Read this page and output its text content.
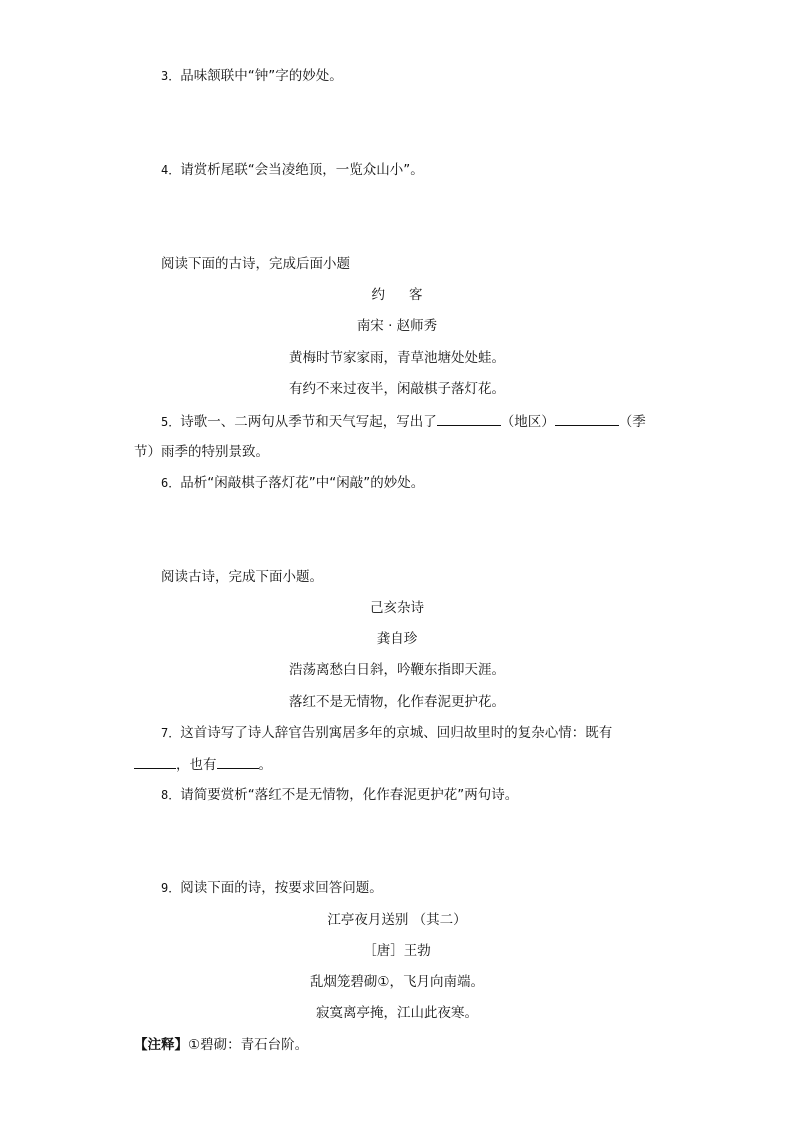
3．品味颔联中“钟”字的妙处。
4．请赏析尾联“会当凌绝顶，一览众山小”。
阅读下面的古诗，完成后面小题
约 客
南宋 · 赵师秀
黄梅时节家家雨，青草池塘处处蛙。
有约不来过夜半，闲敲棋子落灯花。
5．诗歌一、二两句从季节和天气写起，写出了	（地区）	（季
节）雨季的特别景致。
6．品析“闲敲棋子落灯花”中“闲敲”的妙处。
阅读古诗，完成下面小题。
己亥杂诗
龚自珍
浩荡离愁白日斜，吟鞭东指即天涯。
落红不是无情物，化作春泥更护花。
7．这首诗写了诗人辞官告别寓居多年的京城、回归故里时的复杂心情：既有
，也有	。
8．请简要赏析“落红不是无情物，化作春泥更护花”两句诗。
9．阅读下面的诗，按要求回答问题。
江亭夜月送别 （其二）
［唐］王勃
乱烟笼碧砌①，飞月向南端。
寂寞离亭掩，江山此夜寒。
【注释】①碧砌：青石台阶。
